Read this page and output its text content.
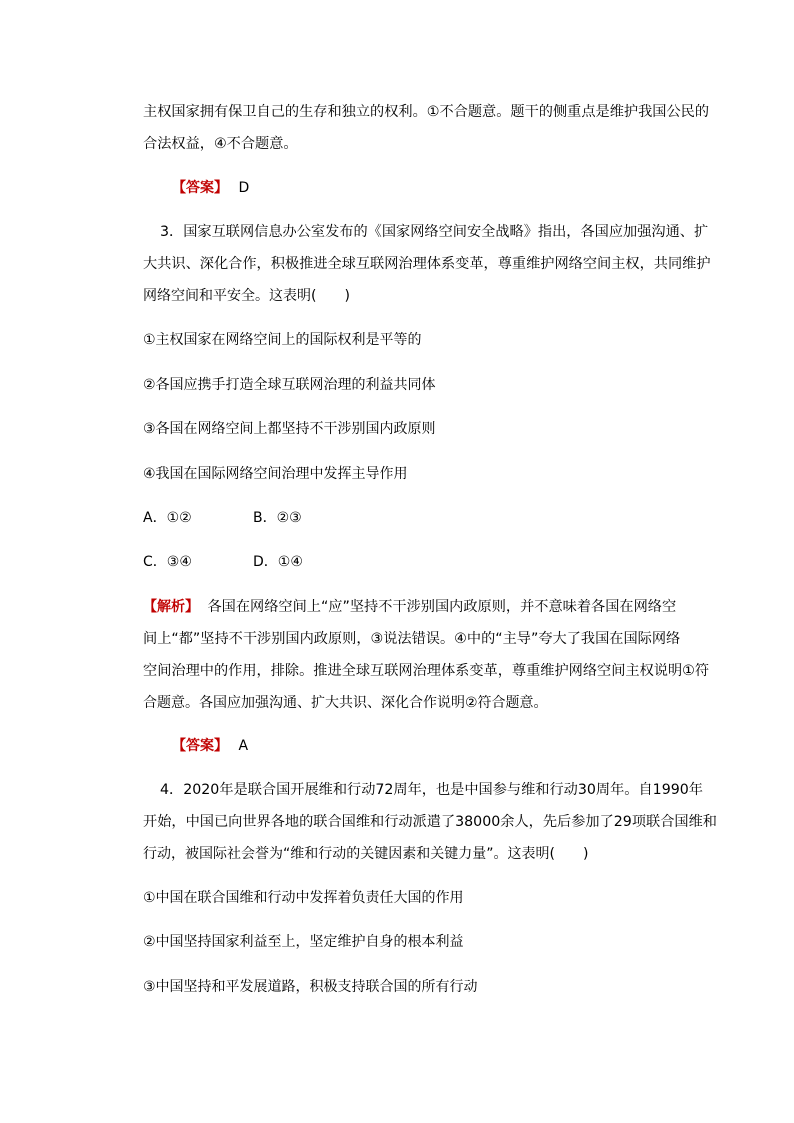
主权国家拥有保卫自己的生存和独立的权利。①不合题意。题干的侧重点是维护我国公民的
合法权益，④不合题意。
【答案】 D
3．国家互联网信息办公室发布的《国家网络空间安全战略》指出，各国应加强沟通、扩
大共识、深化合作，积极推进全球互联网治理体系变革，尊重维护网络空间主权，共同维护
网络空间和平安全。这表明(　　)
①主权国家在网络空间上的国际权利是平等的
②各国应携手打造全球互联网治理的利益共同体
③各国在网络空间上都坚持不干涉别国内政原则
④我国在国际网络空间治理中发挥主导作用
A．①②	B．②③
C．③④	D．①④
【解析】 各国在网络空间上“应”坚持不干涉别国内政原则，并不意味着各国在网络空
间上“都”坚持不干涉别国内政原则，③说法错误。④中的“主导”夸大了我国在国际网络
空间治理中的作用，排除。推进全球互联网治理体系变革，尊重维护网络空间主权说明①符
合题意。各国应加强沟通、扩大共识、深化合作说明②符合题意。
【答案】 A
4．2020年是联合国开展维和行动72周年，也是中国参与维和行动30周年。自1990年
开始，中国已向世界各地的联合国维和行动派遣了38000余人，先后参加了29项联合国维和
行动，被国际社会誉为“维和行动的关键因素和关键力量”。这表明(　　)
①中国在联合国维和行动中发挥着负责任大国的作用
②中国坚持国家利益至上，坚定维护自身的根本利益
③中国坚持和平发展道路，积极支持联合国的所有行动
